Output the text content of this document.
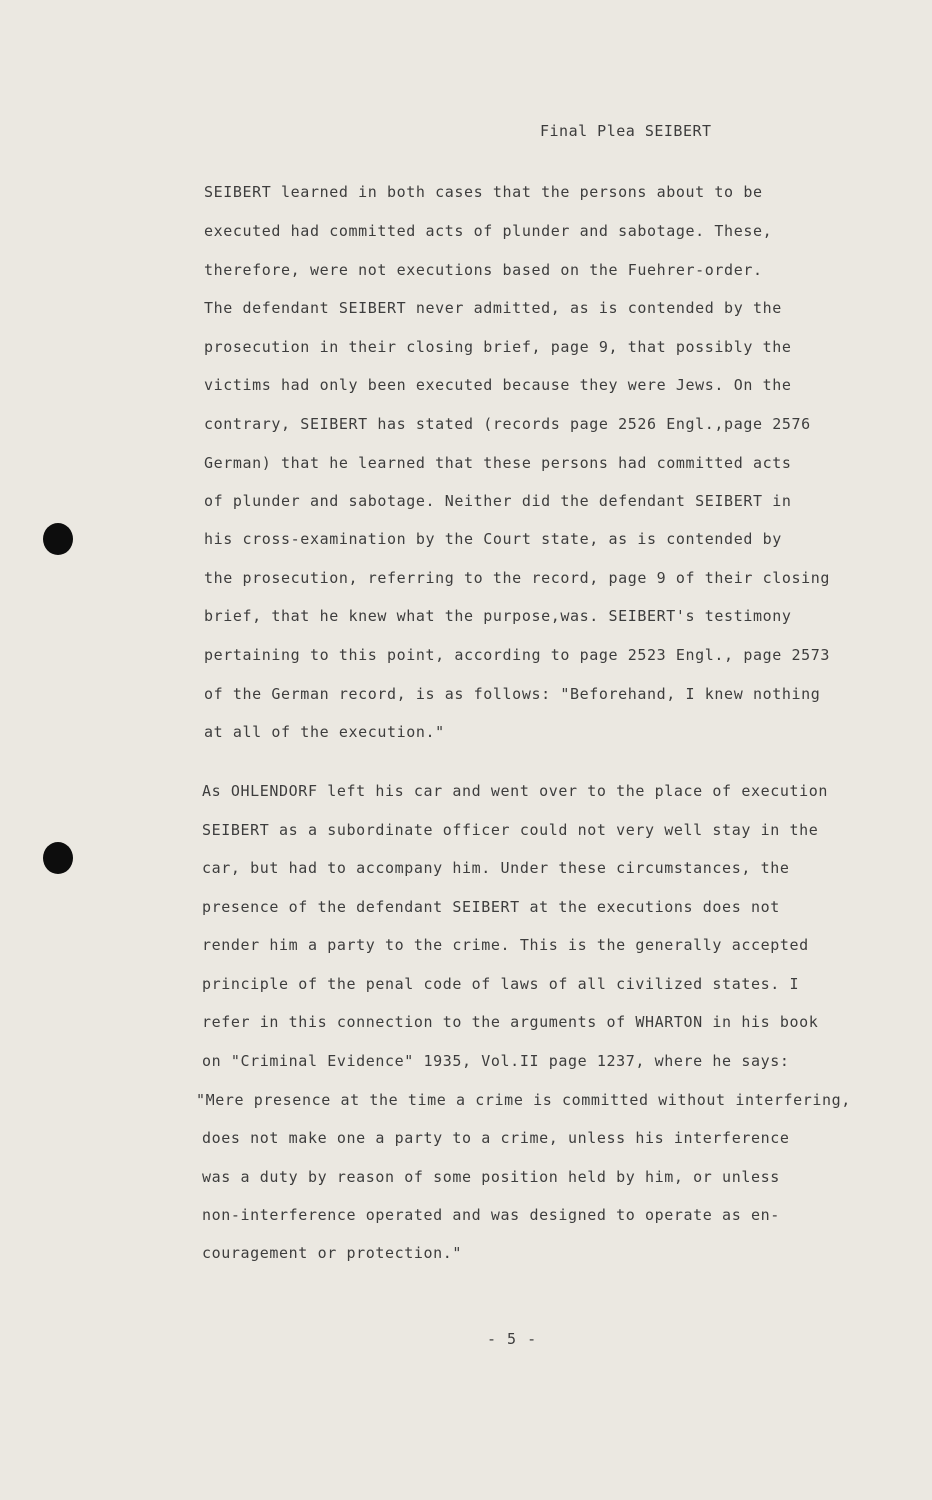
Final Plea SEIBERT
SEIBERT learned in both cases that the persons about to be
executed had committed acts of plunder and sabotage. These,
therefore, were not executions based on the Fuehrer-order.
The defendant SEIBERT never admitted, as is contended by the
prosecution in their closing brief, page 9, that possibly the
victims had only been executed because they were Jews. On the
contrary, SEIBERT has stated (records page 2526 Engl.,page 2576
German) that he learned that these persons had committed acts
of plunder and sabotage. Neither did the defendant SEIBERT in
his cross-examination by the Court state, as is contended by
the prosecution, referring to the record, page 9 of their closing
brief, that he knew what the purpose,was. SEIBERT's testimony
pertaining to this point, according to page 2523 Engl., page 2573
of the German record, is as follows: "Beforehand, I knew nothing
at all of the execution."
As OHLENDORF left his car and went over to the place of execution
SEIBERT as a subordinate officer could not very well stay in the
car, but had to accompany him. Under these circumstances, the
presence of the defendant SEIBERT at the executions does not
render him a party to the crime. This is the generally accepted
principle of the penal code of laws of all civilized states. I
refer in this connection to the arguments of WHARTON in his book
on "Criminal Evidence" 1935, Vol.II page 1237, where he says:
"Mere presence at the time a crime is committed without interfering,
does not make one a party to a crime, unless his interference
was a duty by reason of some position held by him, or unless
non-interference operated and was designed to operate as en-
couragement or protection."
- 5 -
